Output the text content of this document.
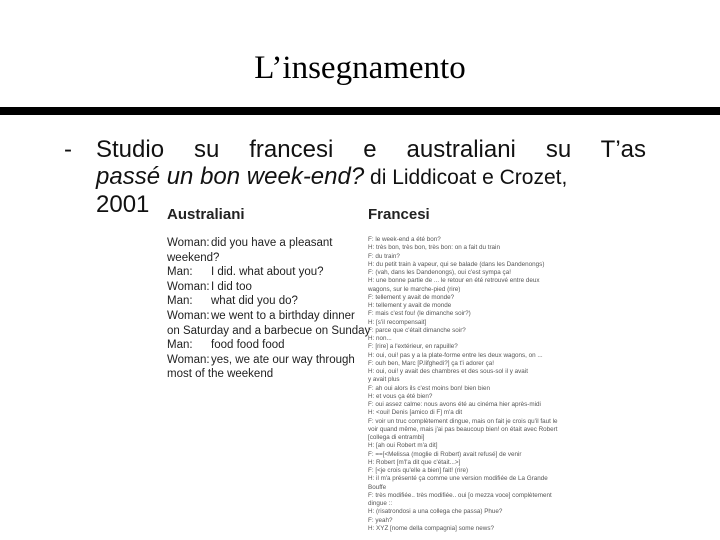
L’insegnamento
- Studio su francesi e australiani su T’as
passé un bon week-end? di Liddicoat e Crozet,
2001	Australiani	Francesi
Woman:did you have a pleasant
weekend?
Man: I did. what about you?
Woman:I did too
Man: what did you do?
Woman:we went to a birthday dinner
on Saturday and a barbecue on Sunday
Man: food food food
Woman:yes, we ate our way through
most of the weekend
F: le week-end a été bon?
H: très bon, très bon, très bon: on a fait du train
F: du train?
H: du petit train à vapeur, qui se balade (dans les Dandenongs)
F: (vah, dans les Dandenongs), oui c'est sympa ça!
H: une bonne partie de ... le retour en été retrouvé entre deux
wagons, sur le marche-pied (rire)
F: tellement y avait de monde?
H: tellement y avait de monde
F: mais c'est fou! (le dimanche soir?)
H: [s'il recompensait]
F: parce que c'était dimanche soir?
H: non...
F: [rire] a l'extérieur, en rapuille?
H: oui, oui! pas y a la plate-forme entre les deux wagons, on ...
F: ouh ben, Marc [P.lifghedi?] ça t'i adorer ça!
H: oui, oui! y avait des chambres et des sous-sol il y avait
y avait plus
F: ah oui alors ils c'est moins bon! bien bien
H: et vous ça été bien?
F: oui assez calme: nous avons été au cinéma hier après-midi
H: <oui! Denis [amico di F] m'a dit
F: voir un truc complètement dingue, mais on fait je crois qu'il faut le
voir quand même, mais j'ai pas beaucoup bien! on était avec Robert
[collega di entrambi]
H: [ah oui Robert m'a dit]
F: ==[<Melissa (moglie di Robert) avait refusé] de venir
H: Robert [m'l'a dit que c'était...>]
F: [<je crois qu'elle a bien] fait! (rire)
H: il m'a présenté ça comme une version modifiée de La Grande
Bouffe
F: très modifiée.. très modifiée.. oui [o mezza voce] complètement
dingue ::
H: (risatrondosi a una collega che passa) Phue?
F: yeah?
H: XYZ [nome della compagnia] some news?
